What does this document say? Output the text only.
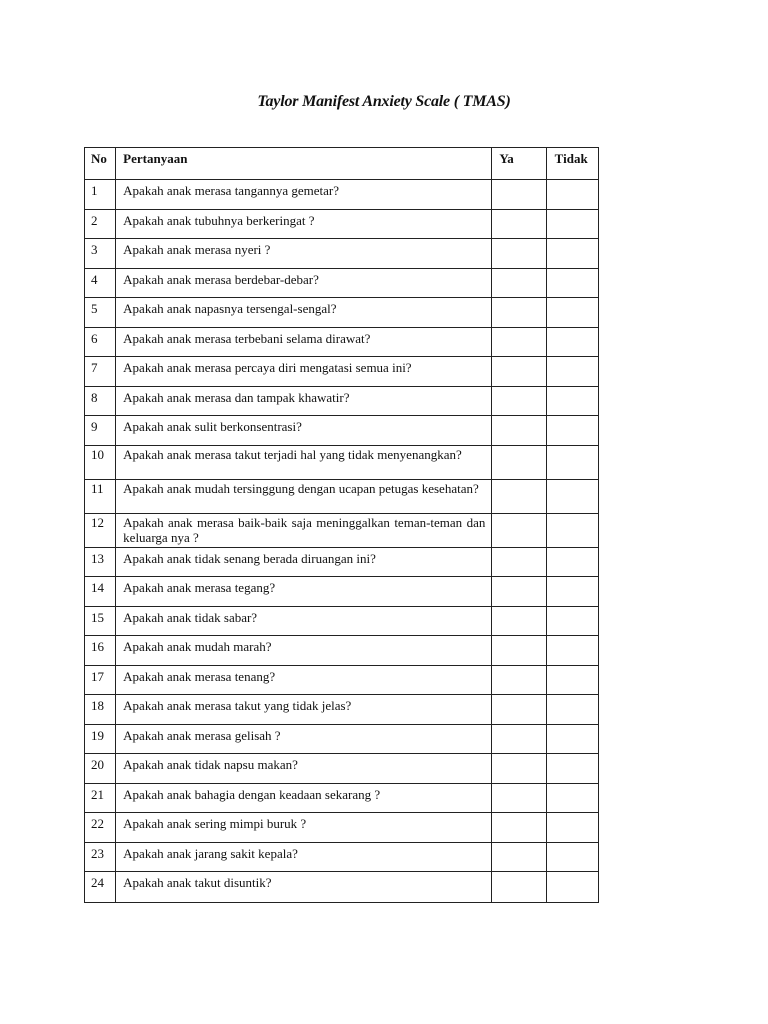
Taylor Manifest Anxiety Scale ( TMAS)
No	Pertanyaan	Ya	Tidak
1	Apakah anak merasa tangannya gemetar?		
2	Apakah anak tubuhnya berkeringat ?		
3	Apakah anak merasa nyeri ?		
4	Apakah anak merasa berdebar-debar?		
5	Apakah anak napasnya tersengal-sengal?		
6	Apakah anak merasa terbebani selama dirawat?		
7	Apakah anak merasa percaya diri mengatasi semua ini?		
8	Apakah anak merasa dan tampak khawatir?		
9	Apakah anak sulit berkonsentrasi?		
10	Apakah anak merasa takut terjadi hal yang tidak menyenangkan?		
11	Apakah anak mudah tersinggung dengan ucapan petugas kesehatan?		
12	Apakah anak merasa baik-baik saja meninggalkan teman-teman dan keluarga nya ?		
13	Apakah anak tidak senang berada diruangan ini?		
14	Apakah anak merasa tegang?		
15	Apakah anak tidak sabar?		
16	Apakah anak mudah marah?		
17	Apakah anak merasa tenang?		
18	Apakah anak merasa takut yang tidak jelas?		
19	Apakah anak merasa gelisah ?		
20	Apakah anak tidak napsu makan?		
21	Apakah anak bahagia dengan keadaan sekarang ?		
22	Apakah anak sering mimpi buruk ?		
23	Apakah anak jarang sakit kepala?		
24	Apakah anak takut disuntik?		
